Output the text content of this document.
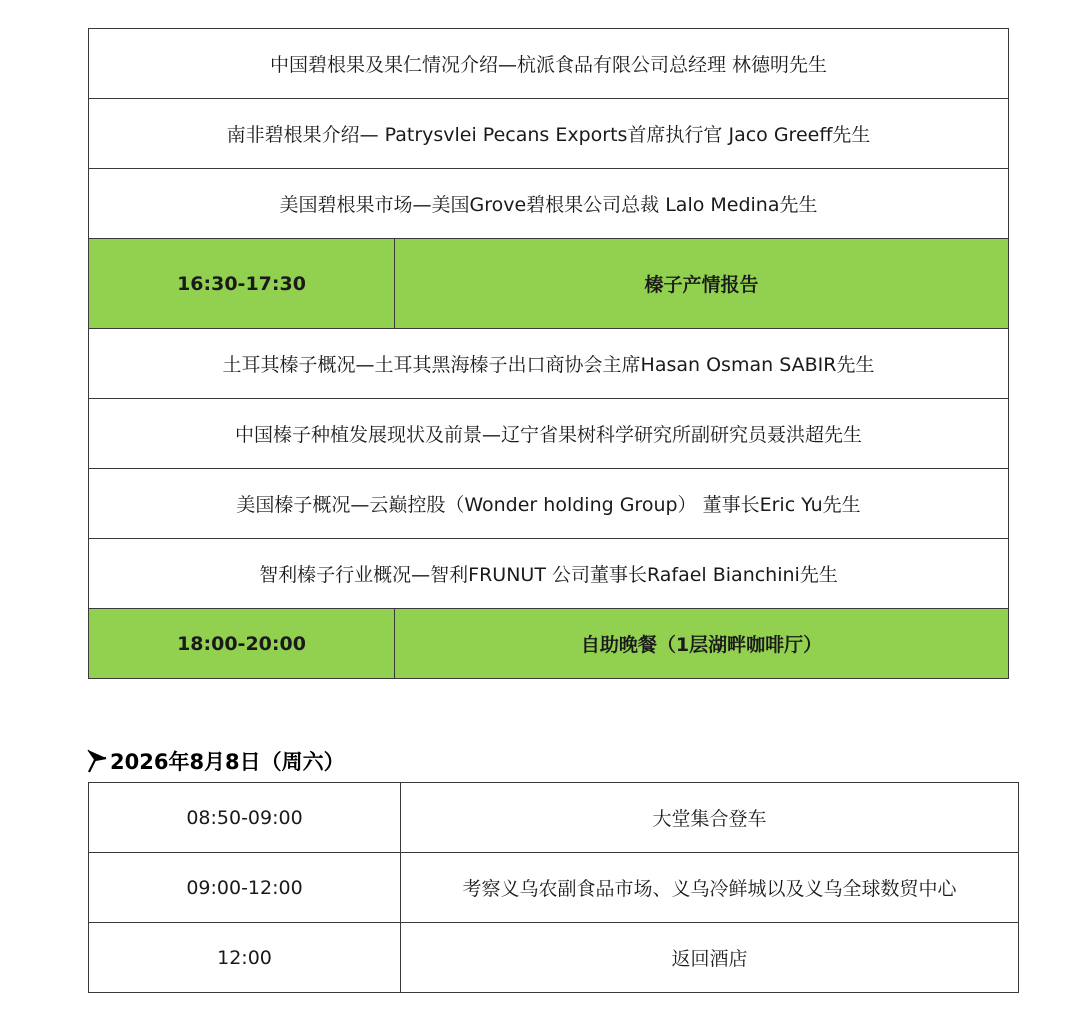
中国碧根果及果仁情况介绍—杭派食品有限公司总经理 林德明先生	
南非碧根果介绍— Patrysvlei Pecans Exports首席执行官 Jaco Greeff先生	
美国碧根果市场—美国Grove碧根果公司总裁 Lalo Medina先生	
16:30-17:30	榛子产情报告
土耳其榛子概况—土耳其黑海榛子出口商协会主席Hasan Osman SABIR先生	
中国榛子种植发展现状及前景—辽宁省果树科学研究所副研究员聂洪超先生	
美国榛子概况—云巅控股（Wonder holding Group） 董事长Eric Yu先生	
智利榛子行业概况—智利FRUNUT 公司董事长Rafael Bianchini先生	
18:00-20:00	自助晚餐（1层湖畔咖啡厅）
2026年8月8日（周六）
08:50-09:00	大堂集合登车
09:00-12:00	考察义乌农副食品市场、义乌冷鲜城以及义乌全球数贸中心
12:00	返回酒店
